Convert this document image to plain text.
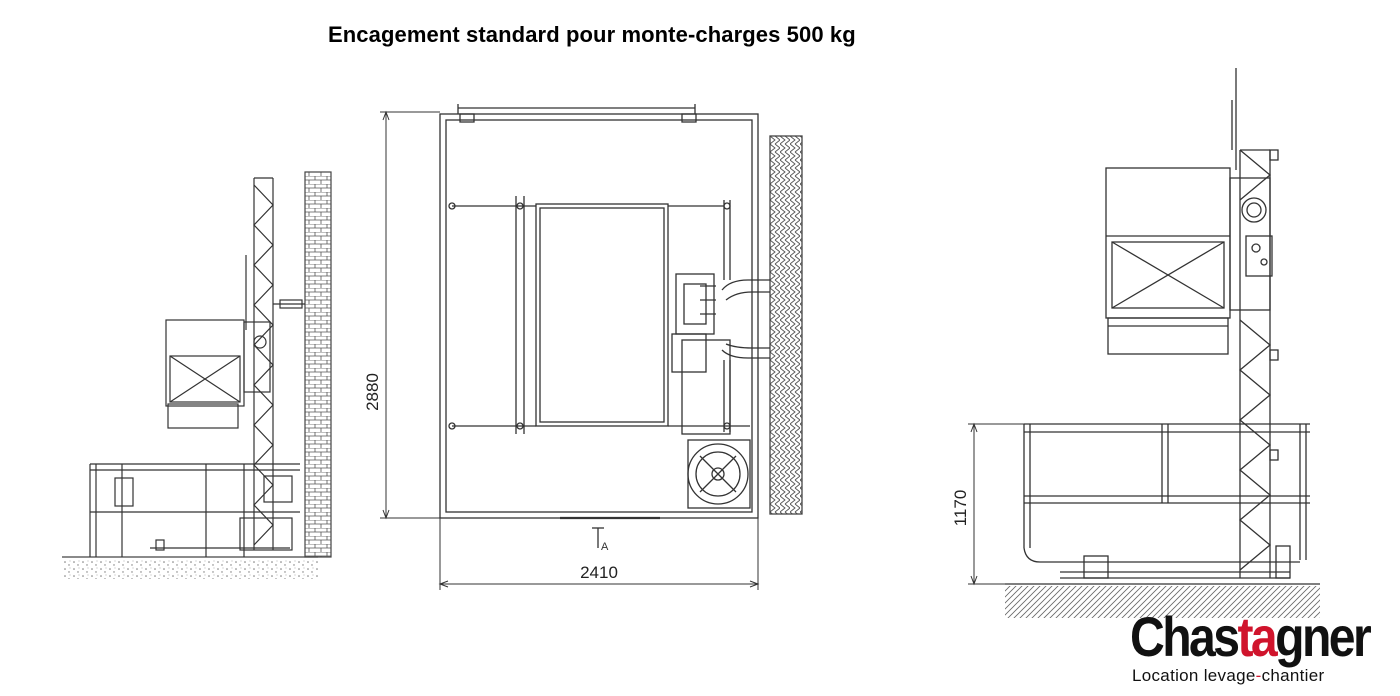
Encagement standard pour monte-charges 500 kg
A
2880
2410
1170
Chastagner
Location levage-chantier
